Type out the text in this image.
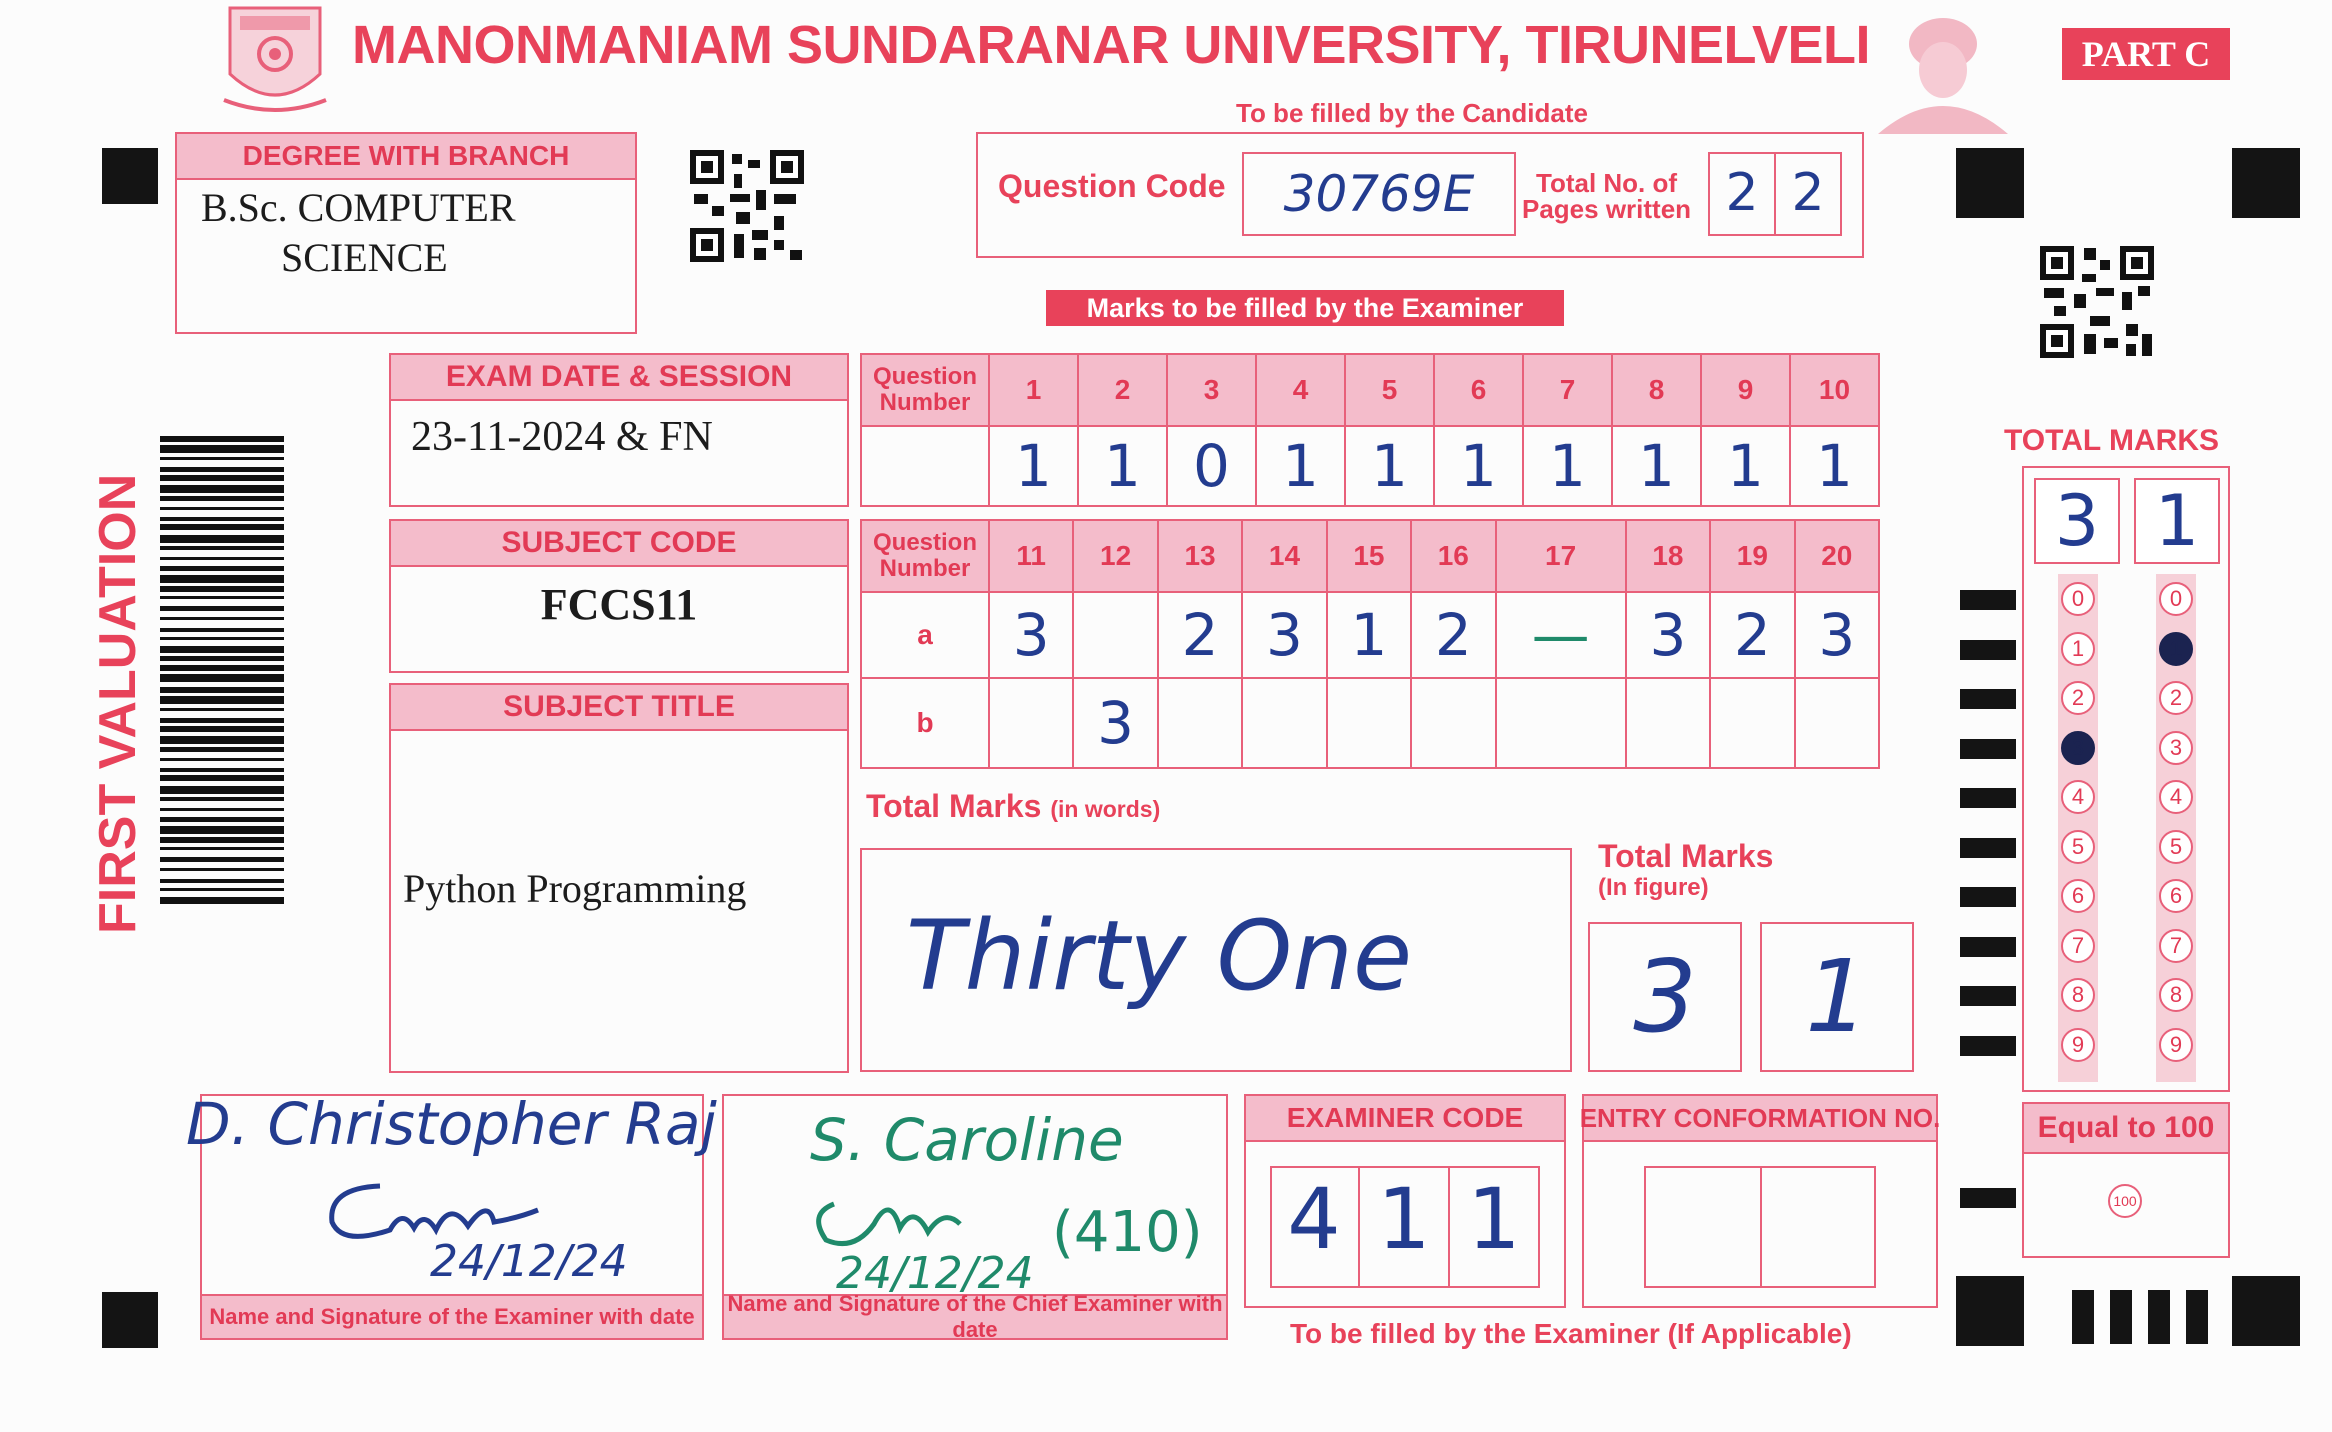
MANONMANIAM SUNDARANAR UNIVERSITY, TIRUNELVELI	PART C
To be filled by the Candidate
DEGREE WITH BRANCH
B.Sc. COMPUTER
SCIENCE
Question Code	30769E	Total No. of
Pages written 2 2
Marks to be filled by the Examiner
FIRST VALUATION
EXAM DATE & SESSION
23-11-2024 & FN
SUBJECT CODE
FCCS11
SUBJECT TITLE
Python Programming
Question
Number	1	2	3	4	5	6	7	8	9	10
	1	1	0	1	1	1	1	1	1	1
Question
Number	11	12	13	14	15	16	17	18	19	20
a	3		2	3	1	2	—	3	2	3
b		3								
Total Marks (in words)
Thirty One
Total Marks
(In figure)
3	1
TOTAL MARKS
3 1
0
1
2
3
4
5
6
7
8
9
0
1
2
3
4
5
6
7
8
9
Equal to 100
100
Name and Signature of the Examiner with date
D. Christopher Raj
24/12/24
Name and Signature of the Chief Examiner with date
S. Caroline
(410)
24/12/24
EXAMINER CODE
4 1 1
ENTRY CONFORMATION NO.
To be filled by the Examiner (If Applicable)
